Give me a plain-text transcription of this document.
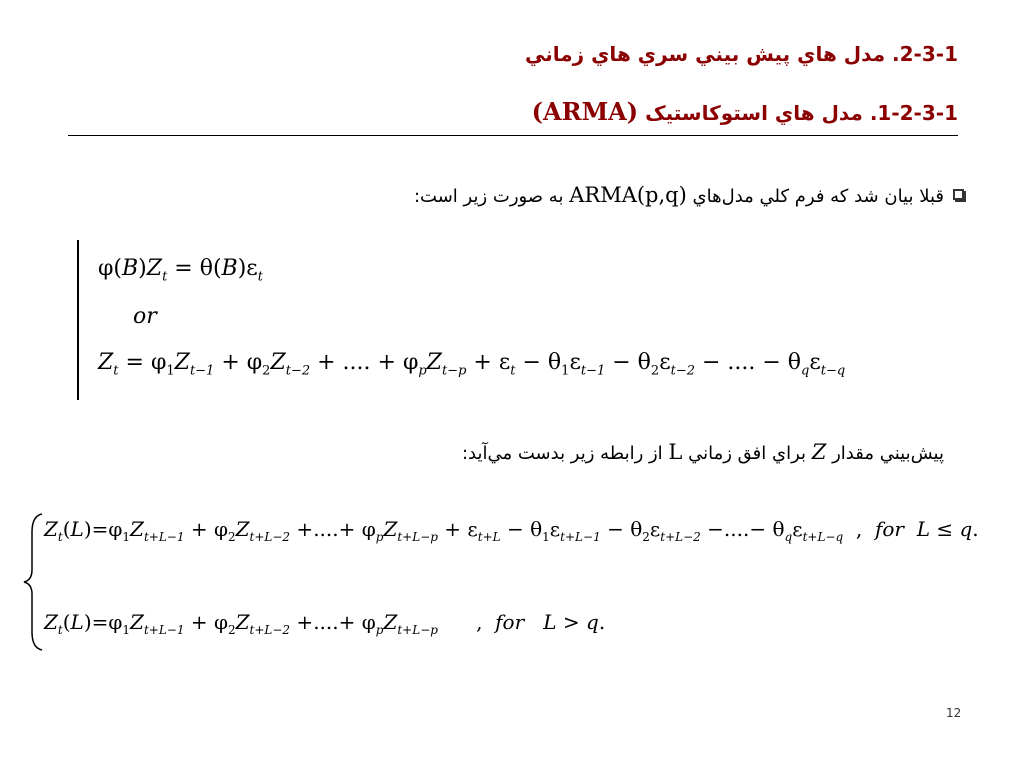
2-3-1. مدل هاي پيش بيني سري هاي زماني
1-2-3-1. مدل هاي استوكاستيک (ARMA)
قبلا بيان شد که فرم کلي مدل‌هاي ARMA(p,q) به صورت زير است:
$\varphi(B)Z_t = \theta(B)\varepsilon_t$
or
$Z_t = \varphi_1Z_{t-1} + \varphi_2Z_{t-2}$ + .... + $\varphi_pZ_{t-p} + \varepsilon_t - \theta_1\varepsilon_{t-1} - \theta_2\varepsilon_{t-2}$ − .... − $\theta_q\varepsilon_{t-q}$
پيش‌بيني مقدار Z براي افق زماني L از رابطه زير بدست مي‌آيد:
$Z_t(L)=\varphi_1Z_{t+L-1} + \varphi_2Z_{t+L-2}$ +....+ $\varphi_pZ_{t+L-p} + \varepsilon_{t+L} - \theta_1\varepsilon_{t+L-1} - \theta_2\varepsilon_{t+L-2}$ −....− $\theta_q\varepsilon_{t+L-q}$  ,  for L ≤ q.
$Z_t(L)=\varphi_1Z_{t+L-1} + \varphi_2Z_{t+L-2}$ +....+ $\varphi_pZ_{t+L-p}$      ,  for L > q.
12
